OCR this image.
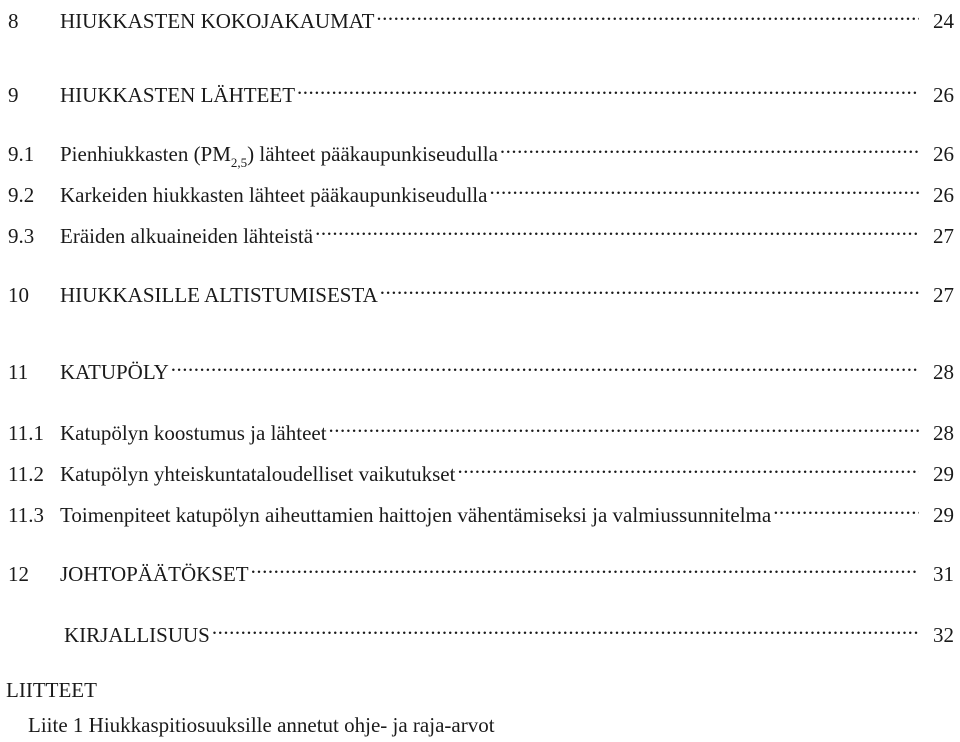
8	HIUKKASTEN KOKOJAKAUMAT .....	24
9	HIUKKASTEN LÄHTEET .....	26
9.1	Pienhiukkasten $(PM_{2,5})$ lähteet pääkaupunkiseudulla .....	26
9.2	Karkeiden hiukkasten lähteet pääkaupunkiseudulla .....	26
9.3	Eräiden alkuaineiden lähteistä .....	27
10	HIUKKASILLE ALTISTUMISESTA .....	27
11	KATUPÖLY .....	28
11.1 Katupölyn koostumus ja lähteet .....	28
11.2 Katupölyn yhteiskuntataloudelliset vaikutukset .....	29
11.3 Toimenpiteet katupölyn aiheuttamien haittojen vähentämiseksi ja valmiussunnitelma .....	29
12	JOHTOPÄÄTÖKSET .....	31
KIRJALLISUUS .....	32
LIITTEET
Liite 1 Hiukkaspitiosuuksille annetut ohje- ja raja-arvot
